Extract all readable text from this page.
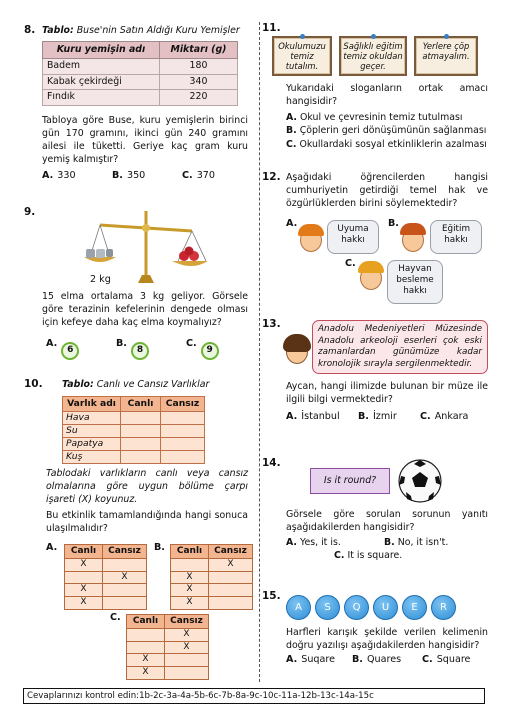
8. Tablo: Buse'nin Satın Aldığı Kuru Yemişler
Kuru yemişin adı	Miktarı (g)
Badem	180
Kabak çekirdeği	340
Fındık	220
Tabloya göre Buse, kuru yemişlerin birinci gün 170 gramını, ikinci gün 240 gramını ailesi ile tüketti. Geriye kaç gram kuru yemiş kalmıştır?
A. 330	B. 350	C. 370
9.
2 kg
15 elma ortalama 3 kg geliyor. Görsele göre terazinin kefelerinin dengede olması için kefeye daha kaç elma koymalıyız?
A.
6
B.
8
C.
9
10. Tablo: Canlı ve Cansız Varlıklar
Varlık adı	Canlı	Cansız
Hava		
Su		
Papatya		
Kuş		
Tablodaki varlıkların canlı veya cansız olmalarına göre uygun bölüme çarpı işareti (X) koyunuz.
Bu etkinlik tamamlandığında hangi sonuca ulaşılmalıdır?
A. Canlı	Cansız
X	
	X
X	
X	
B. Canlı	Cansız
	X
X	
X	
X	
C. Canlı	Cansız
	X
	X
X	
X	
11.
Okulumuzu temiz tutalım.
Sağlıklı eğitim temiz okuldan geçer.
Yerlere çöp atmayalım.
Yukarıdaki sloganların ortak amacı hangisidir?
A. Okul ve çevresinin temiz tutulması
B. Çöplerin geri dönüşümünün sağlanması
C. Okullardaki sosyal etkinliklerin azalması
12. Aşağıdaki öğrencilerden hangisi cumhuriyetin getirdiği temel hak ve özgürlüklerden birini söylemektedir?
A.	Uyuma hakkı
B.	Eğitim hakkı
C.	Hayvan besleme hakkı
13.	Anadolu Medeniyetleri Müzesinde Anadolu arkeoloji eserleri çok eski zamanlardan günümüze kadar kronolojik sırayla sergilenmektedir.
Aycan, hangi ilimizde bulunan bir müze ile ilgili bilgi vermektedir?
A. İstanbul	B. İzmir	C. Ankara
14.
Is it round?
Görsele göre sorulan sorunun yanıtı aşağıdakilerden hangisidir?
A. Yes, it is.	B. No, it isn't.
C. It is square.
15.
A	S	Q	U	E	R
Harfleri karışık şekilde verilen kelimenin doğru yazılışı aşağıdakilerden hangisidir?
A. Suqare	B. Quares	C. Square
Cevaplarınızı kontrol edin:1b-2c-3a-4a-5b-6c-7b-8a-9c-10c-11a-12b-13c-14a-15c
